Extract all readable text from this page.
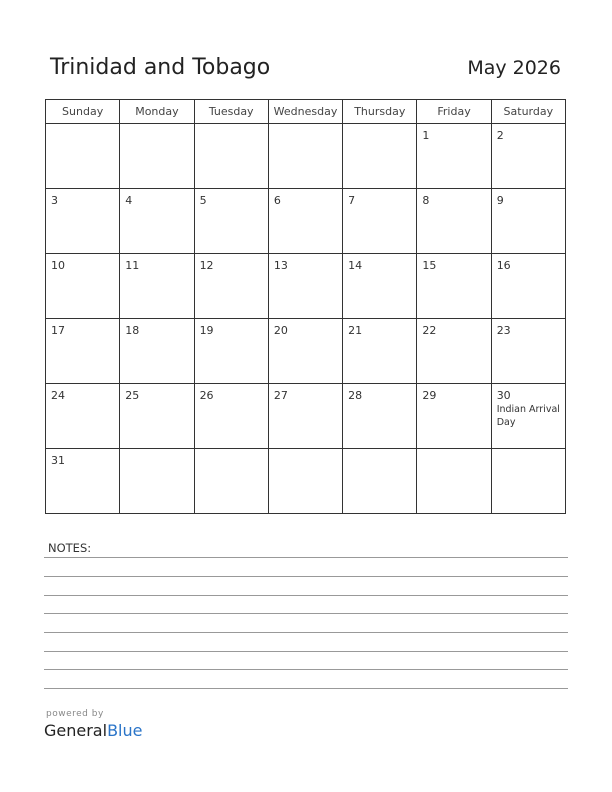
Trinidad and Tobago	May 2026
Sunday	Monday	Tuesday	Wednesday	Thursday	Friday	Saturday

					1	2

3	4	5	6	7	8	9

10	11	12	13	14	15	16

17	18	19	20	21	22	23

24	25	26	27	28	29	30
Indian Arrival Day

31						

NOTES:
powered by
GeneralBlue
